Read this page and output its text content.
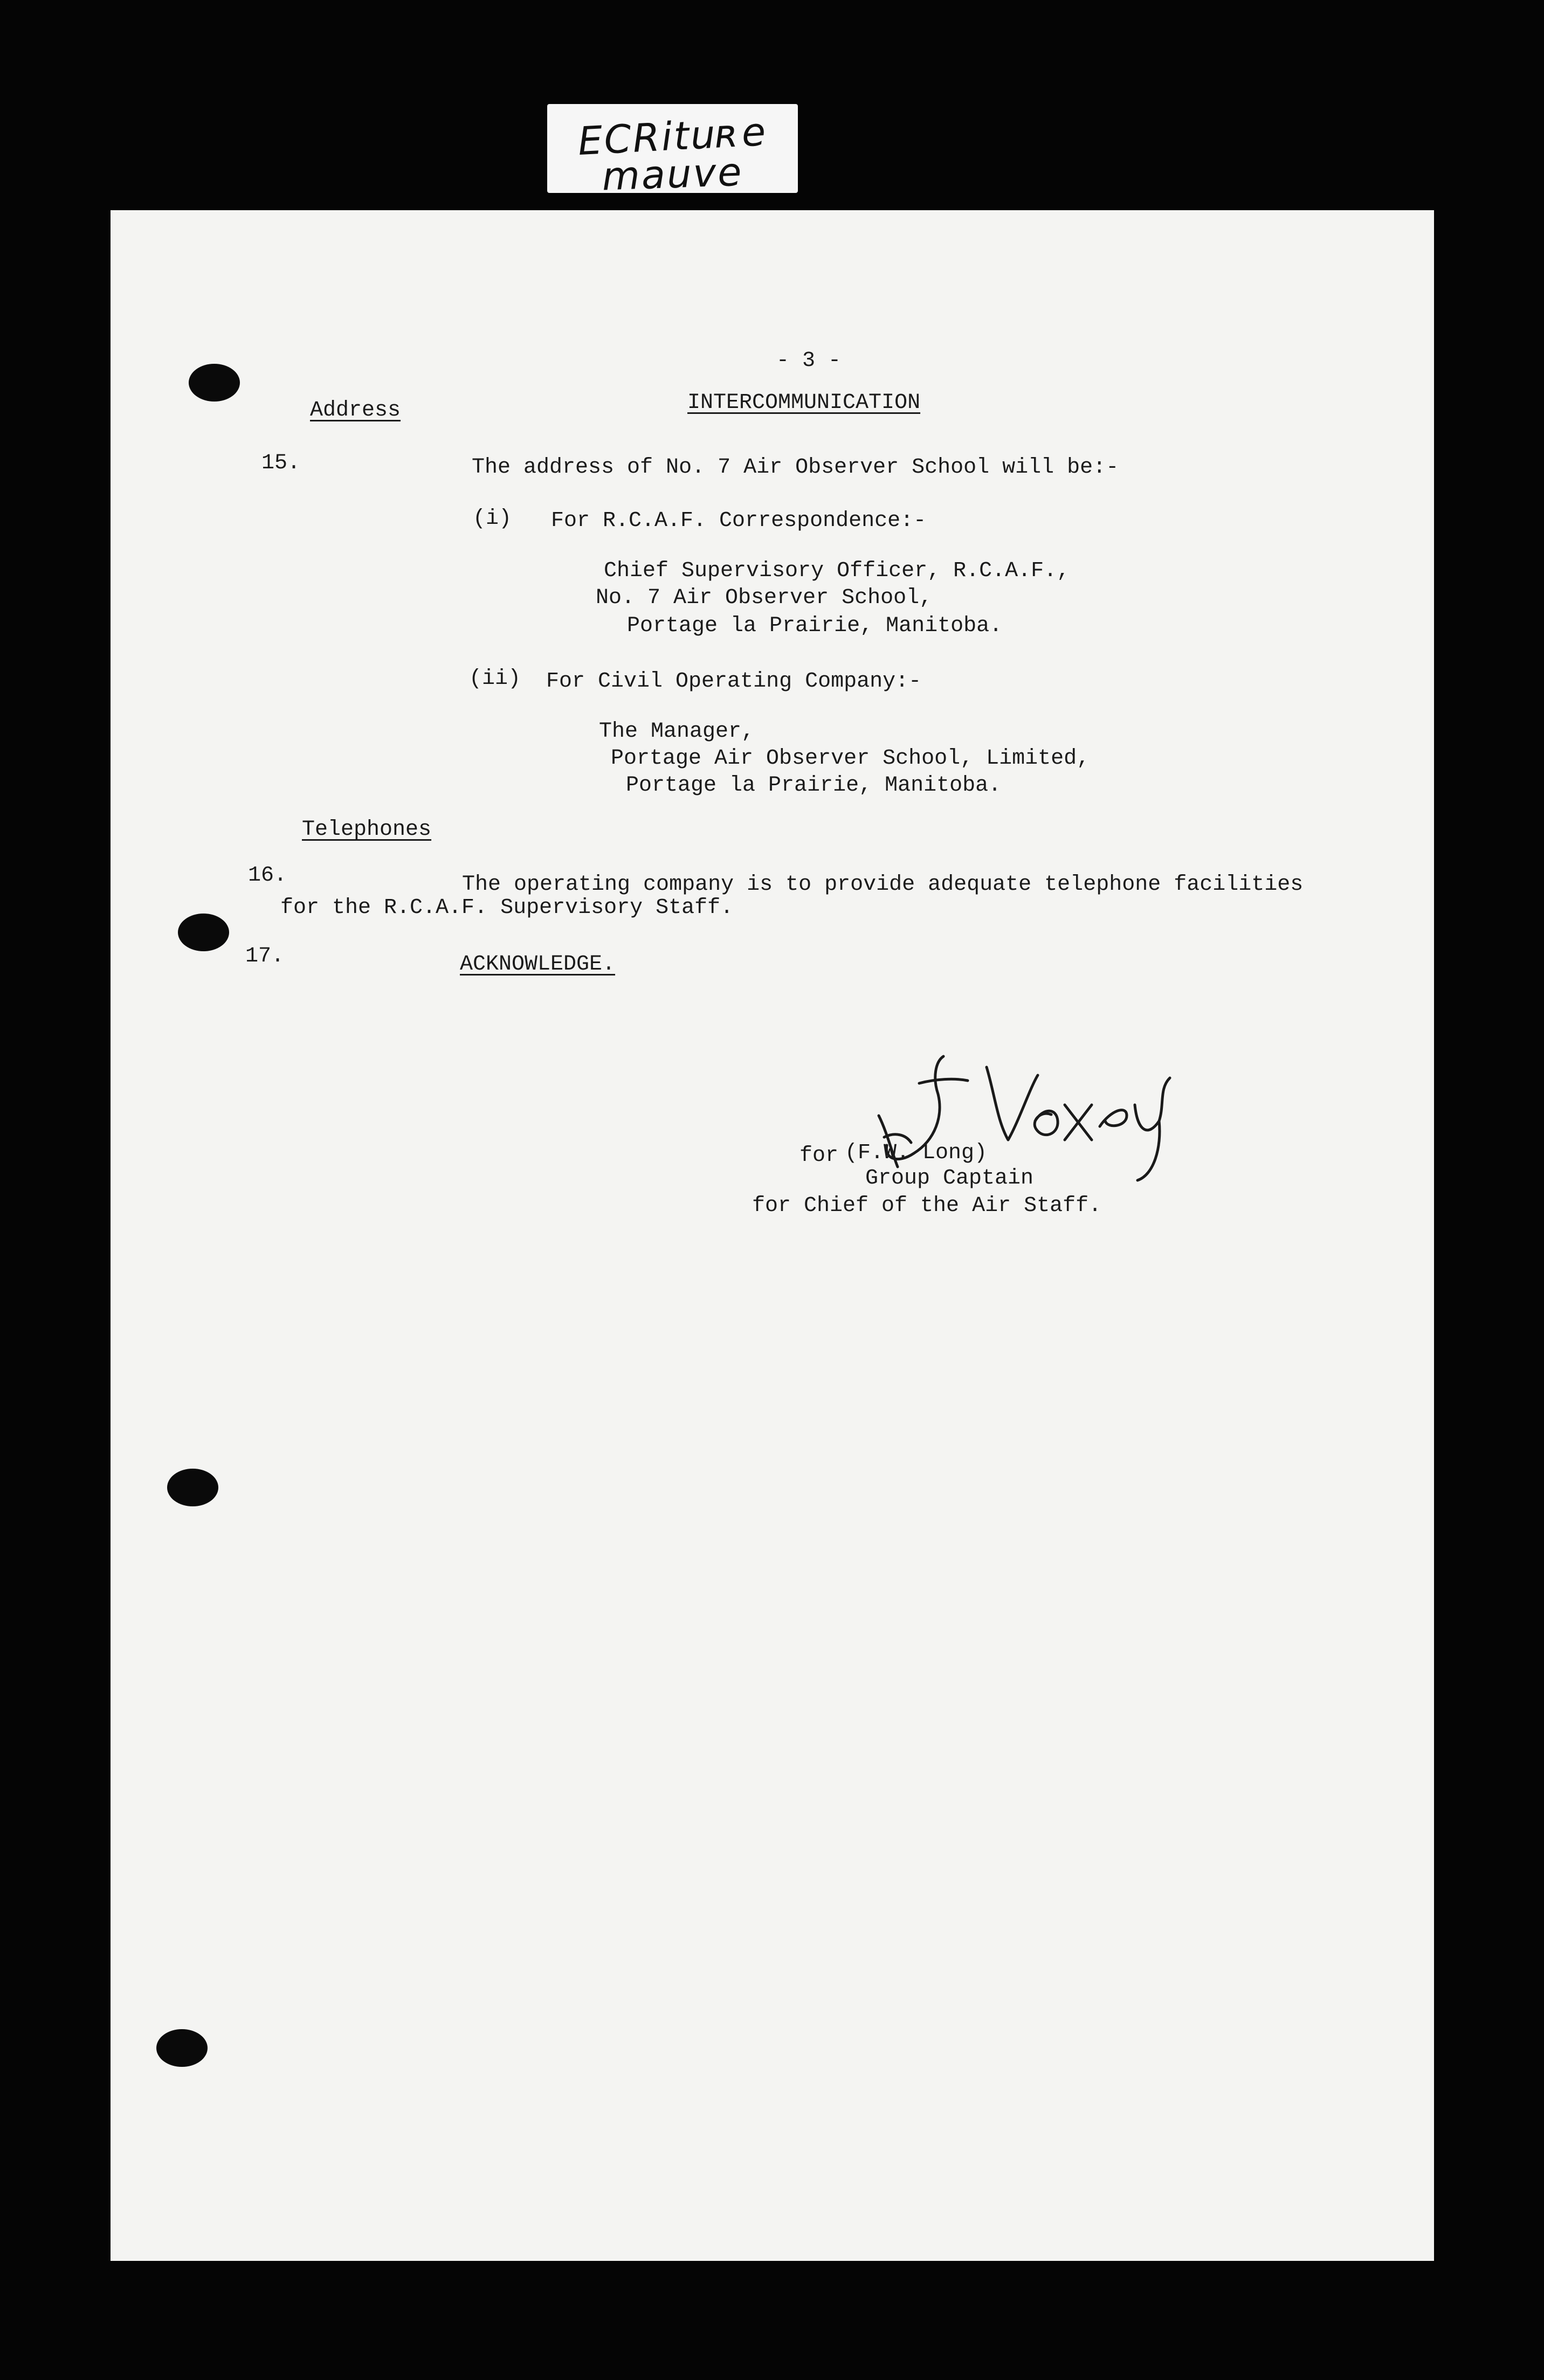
ECRituʀe
mauve
- 3 -
INTERCOMMUNICATION
Address
15.	The address of No. 7 Air Observer School will be:-
(i) For R.C.A.F. Correspondence:-
Chief Supervisory Officer, R.C.A.F.,
No. 7 Air Observer School,
Portage la Prairie, Manitoba.
(ii) For Civil Operating Company:-
The Manager,
Portage Air Observer School, Limited,
Portage la Prairie, Manitoba.
Telephones
16.	The operating company is to provide adequate telephone facilities
for the R.C.A.F. Supervisory Staff.
17.	ACKNOWLEDGE.
for (F.W. Long)
Group Captain
for Chief of the Air Staff.
